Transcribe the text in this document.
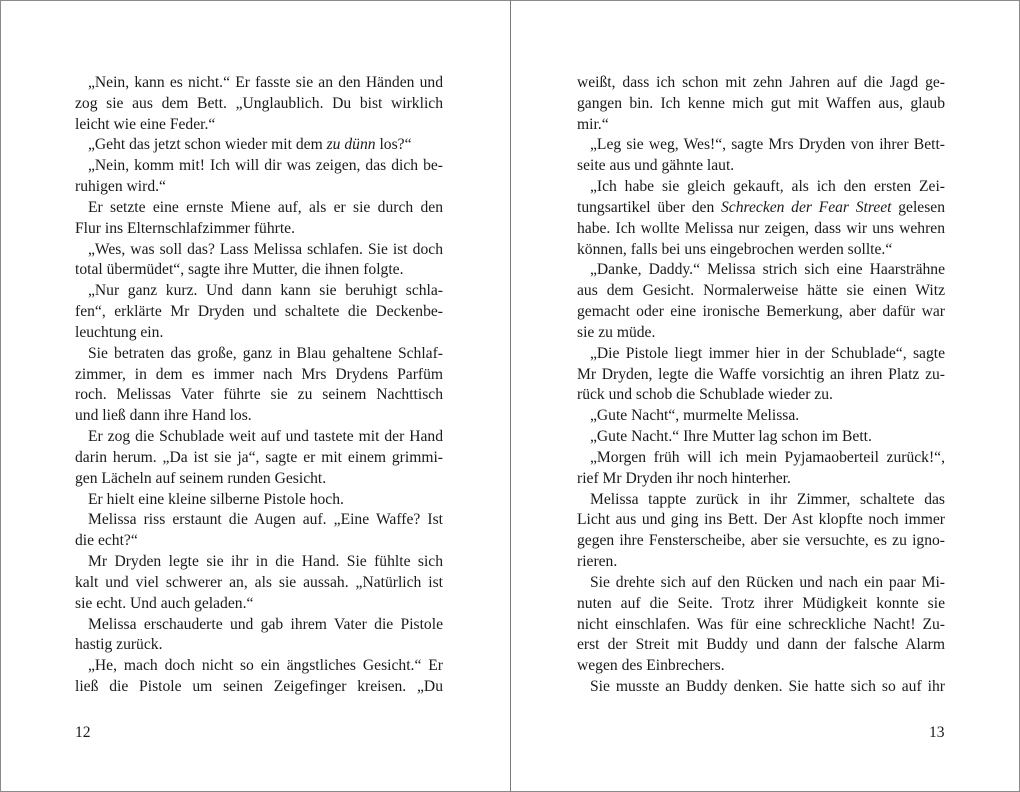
„Nein, kann es nicht.“ Er fasste sie an den Händen und
zog sie aus dem Bett. „Unglaublich. Du bist wirklich
leicht wie eine Feder.“
„Geht das jetzt schon wieder mit dem zu dünn los?“
„Nein, komm mit! Ich will dir was zeigen, das dich be-
ruhigen wird.“
Er setzte eine ernste Miene auf, als er sie durch den
Flur ins Elternschlafzimmer führte.
„Wes, was soll das? Lass Melissa schlafen. Sie ist doch
total übermüdet“, sagte ihre Mutter, die ihnen folgte.
„Nur ganz kurz. Und dann kann sie beruhigt schla-
fen“, erklärte Mr Dryden und schaltete die Deckenbe-
leuchtung ein.
Sie betraten das große, ganz in Blau gehaltene Schlaf-
zimmer, in dem es immer nach Mrs Drydens Parfüm
roch. Melissas Vater führte sie zu seinem Nachttisch
und ließ dann ihre Hand los.
Er zog die Schublade weit auf und tastete mit der Hand
darin herum. „Da ist sie ja“, sagte er mit einem grimmi-
gen Lächeln auf seinem runden Gesicht.
Er hielt eine kleine silberne Pistole hoch.
Melissa riss erstaunt die Augen auf. „Eine Waffe? Ist
die echt?“
Mr Dryden legte sie ihr in die Hand. Sie fühlte sich
kalt und viel schwerer an, als sie aussah. „Natürlich ist
sie echt. Und auch geladen.“
Melissa erschauderte und gab ihrem Vater die Pistole
hastig zurück.
„He, mach doch nicht so ein ängstliches Gesicht.“ Er
ließ die Pistole um seinen Zeigefinger kreisen. „Du
weißt, dass ich schon mit zehn Jahren auf die Jagd ge-
gangen bin. Ich kenne mich gut mit Waffen aus, glaub
mir.“
„Leg sie weg, Wes!“, sagte Mrs Dryden von ihrer Bett-
seite aus und gähnte laut.
„Ich habe sie gleich gekauft, als ich den ersten Zei-
tungsartikel über den Schrecken der Fear Street gelesen
habe. Ich wollte Melissa nur zeigen, dass wir uns wehren
können, falls bei uns eingebrochen werden sollte.“
„Danke, Daddy.“ Melissa strich sich eine Haarsträhne
aus dem Gesicht. Normalerweise hätte sie einen Witz
gemacht oder eine ironische Bemerkung, aber dafür war
sie zu müde.
„Die Pistole liegt immer hier in der Schublade“, sagte
Mr Dryden, legte die Waffe vorsichtig an ihren Platz zu-
rück und schob die Schublade wieder zu.
„Gute Nacht“, murmelte Melissa.
„Gute Nacht.“ Ihre Mutter lag schon im Bett.
„Morgen früh will ich mein Pyjamaoberteil zurück!“,
rief Mr Dryden ihr noch hinterher.
Melissa tappte zurück in ihr Zimmer, schaltete das
Licht aus und ging ins Bett. Der Ast klopfte noch immer
gegen ihre Fensterscheibe, aber sie versuchte, es zu igno-
rieren.
Sie drehte sich auf den Rücken und nach ein paar Mi-
nuten auf die Seite. Trotz ihrer Müdigkeit konnte sie
nicht einschlafen. Was für eine schreckliche Nacht! Zu-
erst der Streit mit Buddy und dann der falsche Alarm
wegen des Einbrechers.
Sie musste an Buddy denken. Sie hatte sich so auf ihr
12	13
